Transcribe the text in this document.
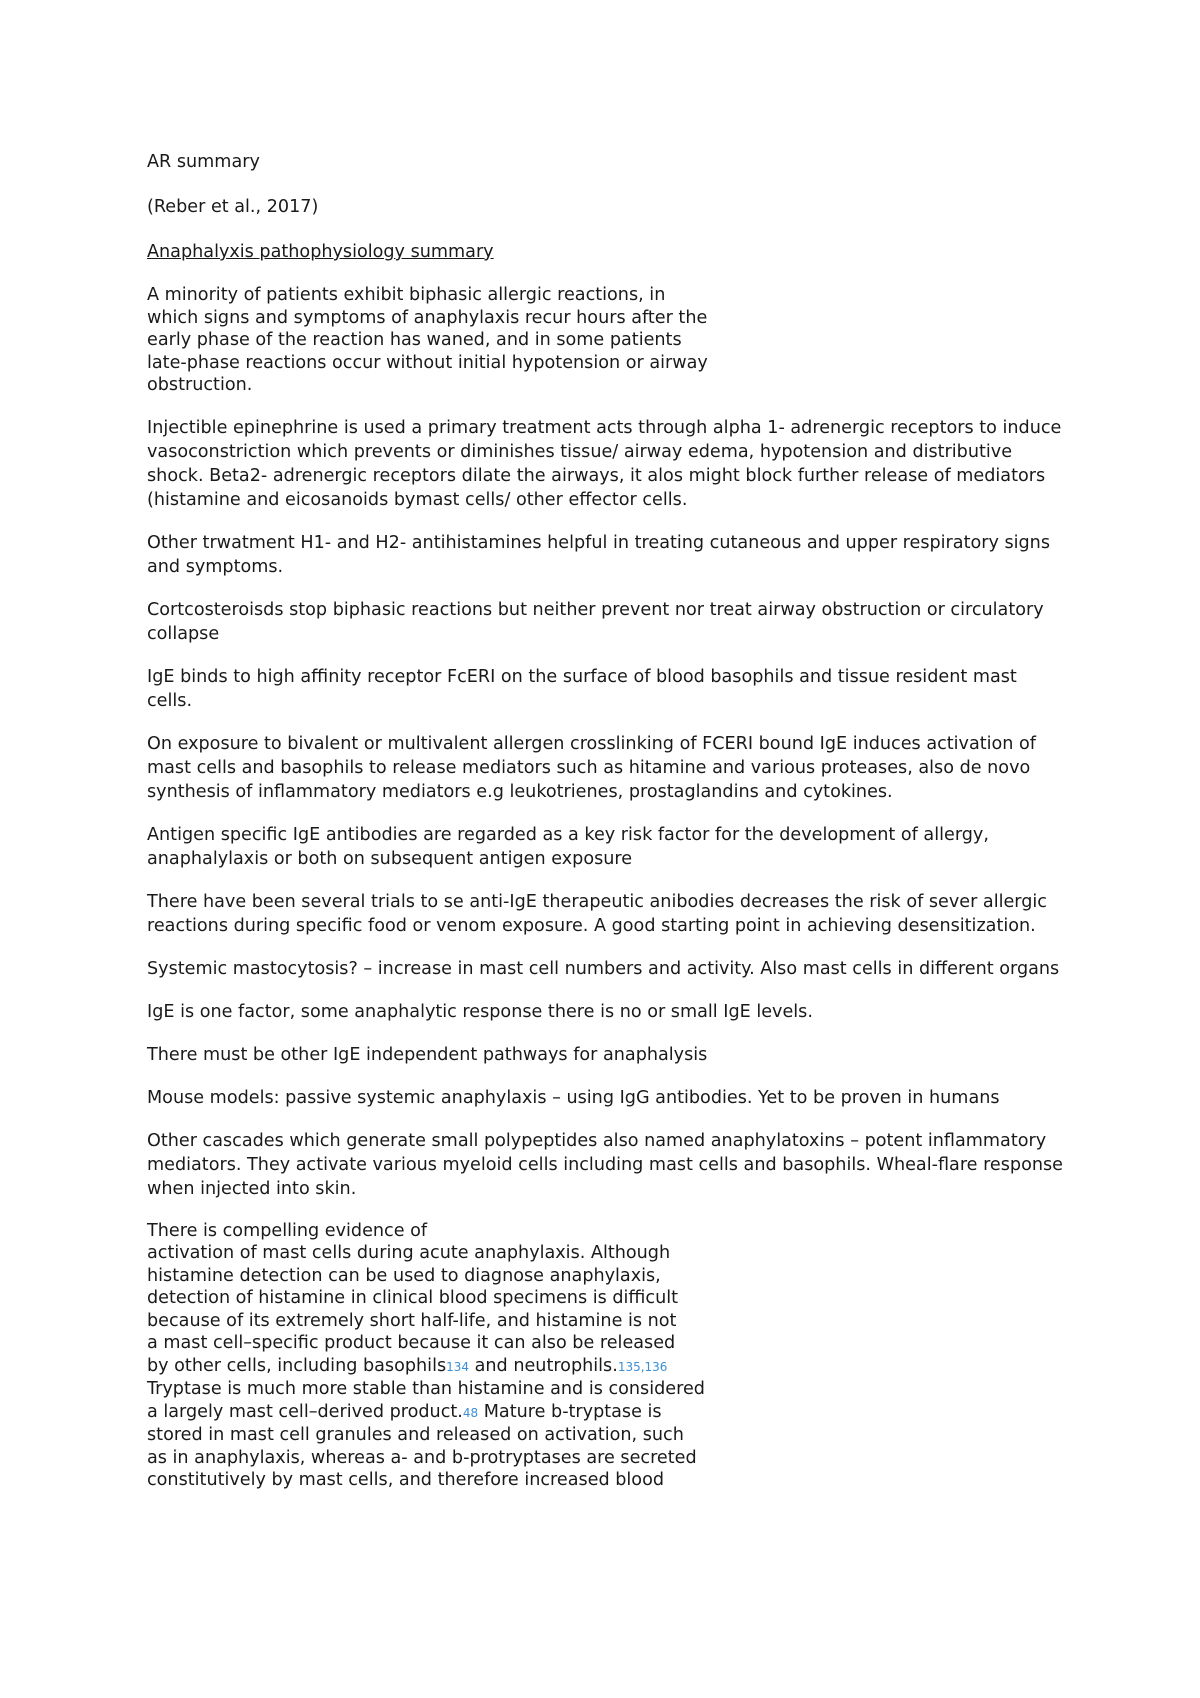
AR summary

(Reber et al., 2017)

Anaphalyxis pathophysiology summary

A minority of patients exhibit biphasic allergic reactions, in
which signs and symptoms of anaphylaxis recur hours after the
early phase of the reaction has waned, and in some patients
late-phase reactions occur without initial hypotension or airway
obstruction.

Injectible epinephrine is used a primary treatment acts through alpha 1- adrenergic receptors to induce vasoconstriction which prevents or diminishes tissue/ airway edema, hypotension and distributive shock. Beta2- adrenergic receptors dilate the airways, it alos might block further release of mediators (histamine and eicosanoids bymast cells/ other effector cells.

Other trwatment H1- and H2- antihistamines helpful in treating cutaneous and upper respiratory signs and symptoms.

Cortcosteroisds stop biphasic reactions but neither prevent nor treat airway obstruction or circulatory collapse

IgE binds to high affinity receptor FcERI on the surface of blood basophils and tissue resident mast cells.

On exposure to bivalent or multivalent allergen crosslinking of FCERI bound IgE induces activation of mast cells and basophils to release mediators such as hitamine and various proteases, also de novo synthesis of inflammatory mediators e.g leukotrienes, prostaglandins and cytokines.

Antigen specific IgE antibodies are regarded as a key risk factor for the development of allergy, anaphalylaxis or both on subsequent antigen exposure

There have been several trials to se anti-IgE therapeutic anibodies decreases the risk of sever allergic reactions during specific food or venom exposure. A good starting point in achieving desensitization.

Systemic mastocytosis? – increase in mast cell numbers and activity. Also mast cells in different organs

IgE is one factor, some anaphalytic response there is no or small IgE levels.

There must be other IgE independent pathways for anaphalysis

Mouse models: passive systemic anaphylaxis – using IgG antibodies. Yet to be proven in humans

Other cascades which generate small polypeptides also named anaphylatoxins – potent inflammatory mediators. They activate various myeloid cells including mast cells and basophils. Wheal-flare response when injected into skin.

There is compelling evidence of
activation of mast cells during acute anaphylaxis. Although
histamine detection can be used to diagnose anaphylaxis,
detection of histamine in clinical blood specimens is difficult
because of its extremely short half-life, and histamine is not
a mast cell–specific product because it can also be released
by other cells, including basophils134 and neutrophils.135,136
Tryptase is much more stable than histamine and is considered
a largely mast cell–derived product.48 Mature b-tryptase is
stored in mast cell granules and released on activation, such
as in anaphylaxis, whereas a- and b-protryptases are secreted
constitutively by mast cells, and therefore increased blood
